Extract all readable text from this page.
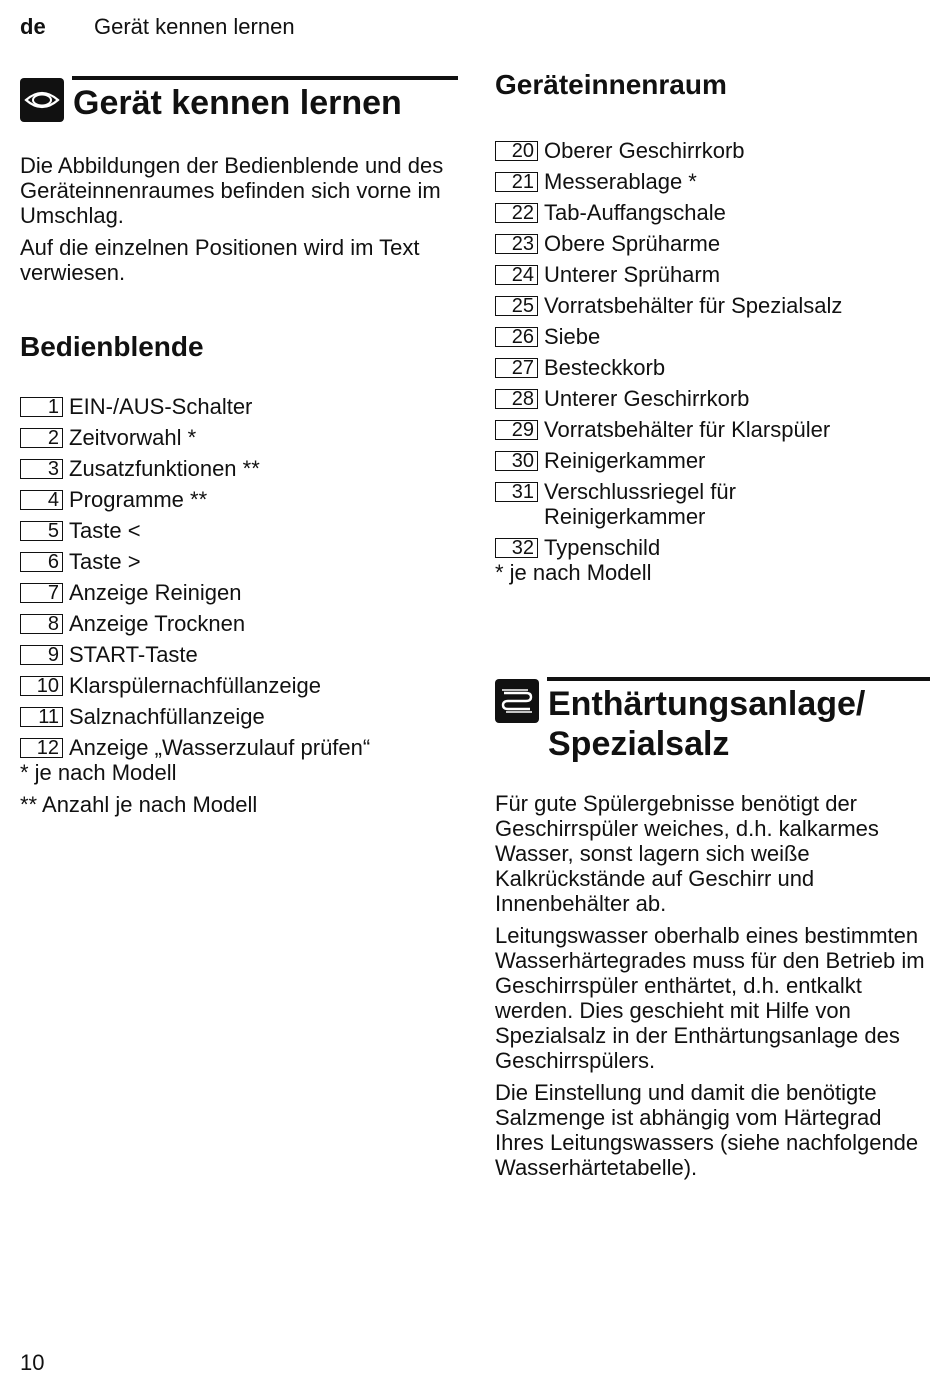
de Gerät kennen lernen
Gerät kennen lernen

Die Abbildungen der Bedienblende und des Geräteinnenraumes befinden sich vorne im Umschlag.

Auf die einzelnen Positionen wird im Text verwiesen.

Bedienblende
1 EIN-/AUS-Schalter
2 Zeitvorwahl *
3 Zusatzfunktionen **
4 Programme **
5 Taste <
6 Taste >
7 Anzeige Reinigen
8 Anzeige Trocknen
9 START-Taste
10 Klarspülernachfüllanzeige
11 Salznachfüllanzeige
12 Anzeige „Wasserzulauf prüfen“
* je nach Modell
** Anzahl je nach Modell
Geräteinnenraum
20 Oberer Geschirrkorb
21 Messerablage *
22 Tab-Auffangschale
23 Obere Sprüharme
24 Unterer Sprüharm
25 Vorratsbehälter für Spezialsalz
26 Siebe
27 Besteckkorb
28 Unterer Geschirrkorb
29 Vorratsbehälter für Klarspüler
30 Reinigerkammer
31 Verschlussriegel für Reinigerkammer
32 Typenschild
* je nach Modell
Enthärtungsanlage/
Spezialsalz

Für gute Spülergebnisse benötigt der Geschirrspüler weiches, d.h. kalkarmes Wasser, sonst lagern sich weiße Kalkrückstände auf Geschirr und Innenbehälter ab.

Leitungswasser oberhalb eines bestimmten Wasserhärtegrades muss für den Betrieb im Geschirrspüler enthärtet, d.h. entkalkt werden. Dies geschieht mit Hilfe von Spezialsalz in der Enthärtungsanlage des Geschirrspülers.

Die Einstellung und damit die benötigte Salzmenge ist abhängig vom Härtegrad Ihres Leitungswassers (siehe nachfolgende Wasserhärtetabelle).

10
